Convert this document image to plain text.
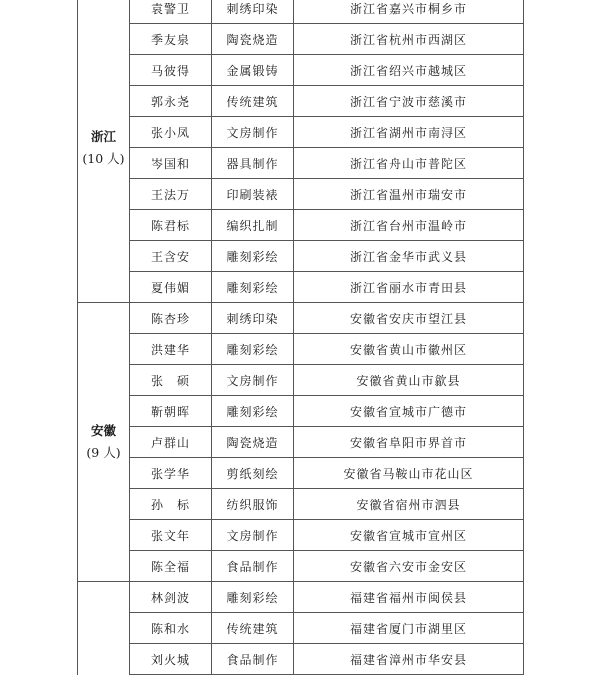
浙江
(10 人)	袁警卫	刺绣印染	浙江省嘉兴市桐乡市
	季友泉	陶瓷烧造	浙江省杭州市西湖区
	马彼得	金属锻铸	浙江省绍兴市越城区
	郭永尧	传统建筑	浙江省宁波市慈溪市
	张小凤	文房制作	浙江省湖州市南浔区
	岑国和	器具制作	浙江省舟山市普陀区
	王法万	印刷装裱	浙江省温州市瑞安市
	陈君标	编织扎制	浙江省台州市温岭市
	王含安	雕刻彩绘	浙江省金华市武义县
	夏伟媚	雕刻彩绘	浙江省丽水市青田县

安徽
(9 人)	陈杏珍	刺绣印染	安徽省安庆市望江县
	洪建华	雕刻彩绘	安徽省黄山市徽州区
	张　硕	文房制作	安徽省黄山市歙县
	靳朝晖	雕刻彩绘	安徽省宣城市广德市
	卢群山	陶瓷烧造	安徽省阜阳市界首市
	张学华	剪纸刻绘	安徽省马鞍山市花山区
	孙　标	纺织服饰	安徽省宿州市泗县
	张文年	文房制作	安徽省宣城市宣州区
	陈全福	食品制作	安徽省六安市金安区

	林剑波	雕刻彩绘	福建省福州市闽侯县
	陈和水	传统建筑	福建省厦门市湖里区
	刘火城	食品制作	福建省漳州市华安县
